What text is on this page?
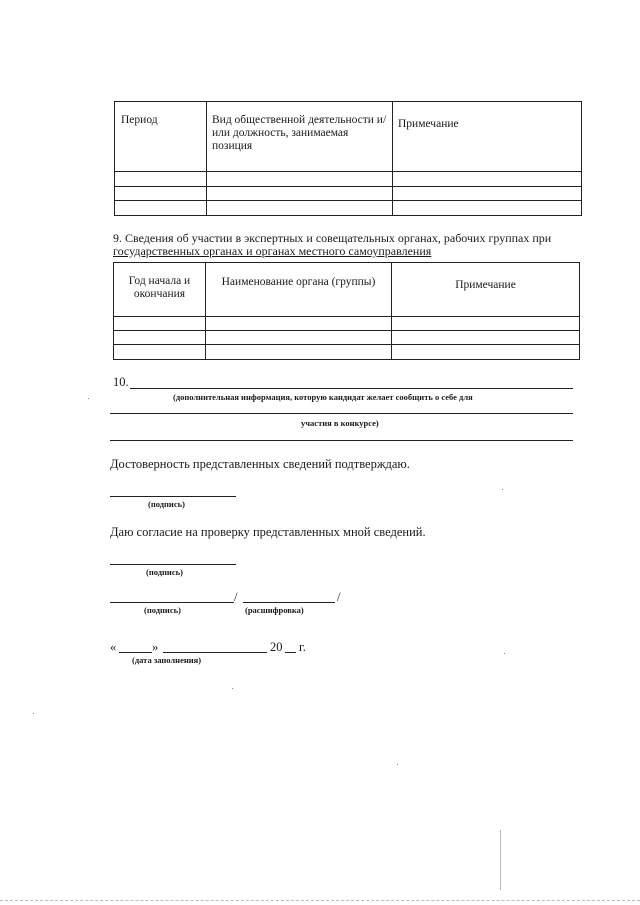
Период	Вид общественной деятельности и/или должность, занимаемая позиция	Примечание

9. Сведения об участии в экспертных и совещательных органах, рабочих группах при
государственных органах и органах местного самоуправления
Год начала и окончания	Наименование органа (группы)	Примечание

10.
(дополнительная информация, которую кандидат желает сообщить о себе для
участия в конкурсе)
Достоверность представленных сведений подтверждаю.
(подпись)
Даю согласие на проверку представленных мной сведений.
(подпись)
/	/
(подпись)	(расшифровка)
«	»	20 г.
(дата заполнения)
